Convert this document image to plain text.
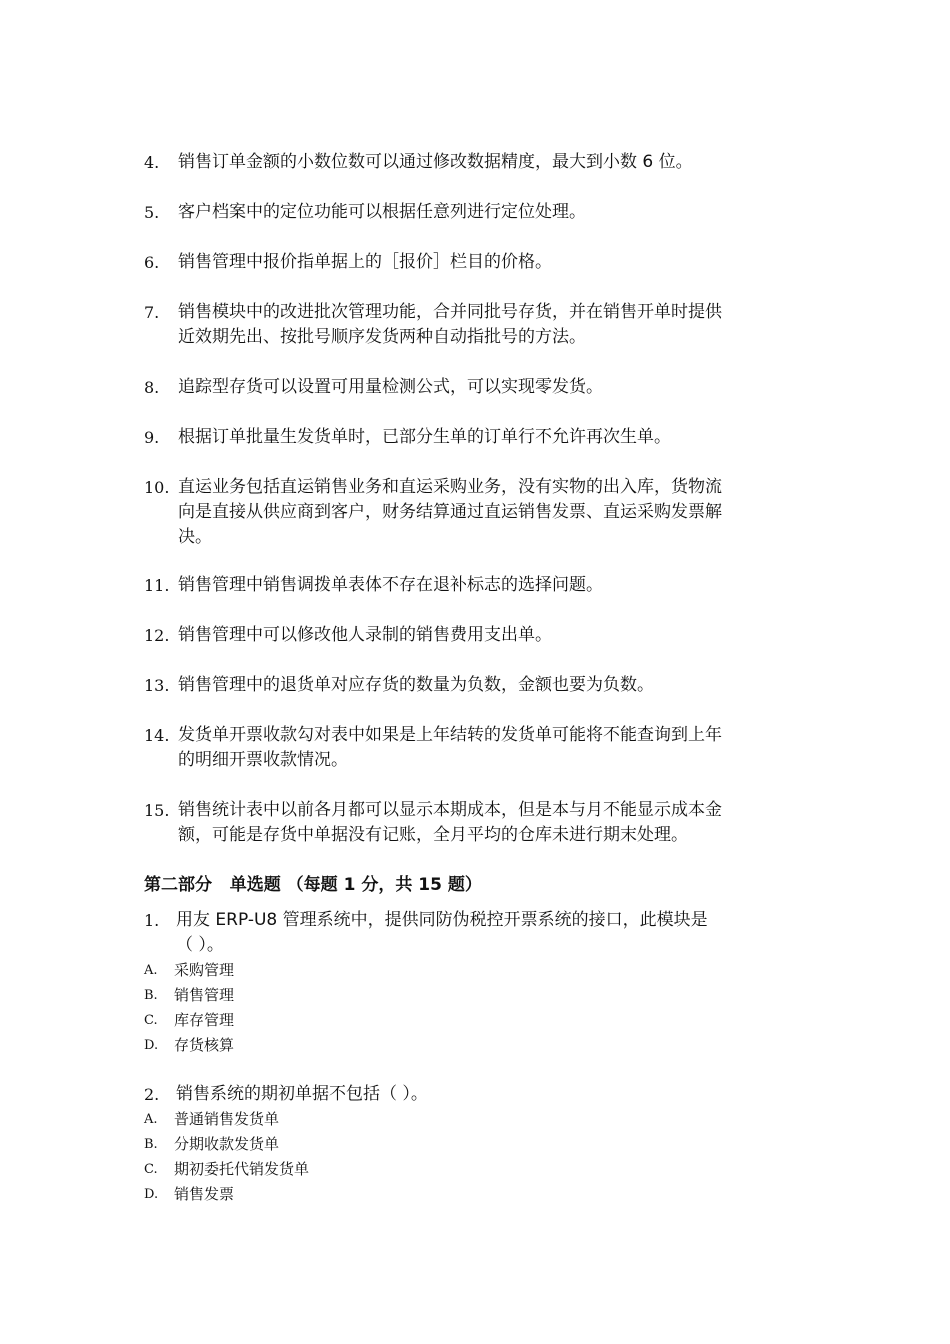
4.	销售订单金额的小数位数可以通过修改数据精度，最大到小数 6 位。
5.	客户档案中的定位功能可以根据任意列进行定位处理。
6.	销售管理中报价指单据上的［报价］栏目的价格。
7.	销售模块中的改进批次管理功能，合并同批号存货，并在销售开单时提供
近效期先出、按批号顺序发货两种自动指批号的方法。
8.	追踪型存货可以设置可用量检测公式，可以实现零发货。
9.	根据订单批量生发货单时，已部分生单的订单行不允许再次生单。
10. 直运业务包括直运销售业务和直运采购业务，没有实物的出入库，货物流
向是直接从供应商到客户，财务结算通过直运销售发票、直运采购发票解
决。
11. 销售管理中销售调拨单表体不存在退补标志的选择问题。
12. 销售管理中可以修改他人录制的销售费用支出单。
13. 销售管理中的退货单对应存货的数量为负数，金额也要为负数。
14. 发货单开票收款勾对表中如果是上年结转的发货单可能将不能查询到上年
的明细开票收款情况。
15. 销售统计表中以前各月都可以显示本期成本，但是本与月不能显示成本金
额，可能是存货中单据没有记账，全月平均的仓库未进行期末处理。
第二部分   单选题 （每题 1 分，共 15 题）
1. 用友 ERP-U8 管理系统中，提供同防伪税控开票系统的接口，此模块是
（ ）。
A.	采购管理
B.	销售管理
C.	库存管理
D.	存货核算
2. 销售系统的期初单据不包括（ ）。
A.	普通销售发货单
B.	分期收款发货单
C.	期初委托代销发货单
D.	销售发票
